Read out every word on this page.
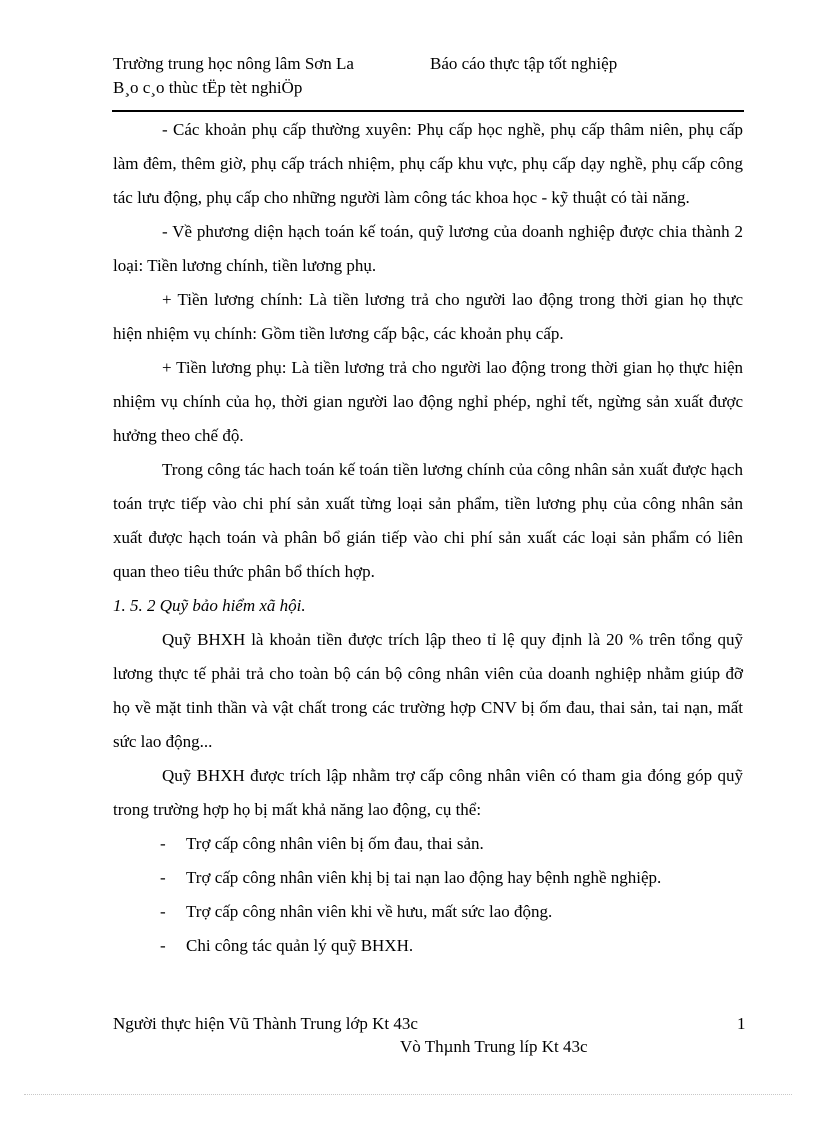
Trường trung học nông lâm Sơn La	Báo cáo thực tập tốt nghiệp
B¸o c¸o thùc tËp tèt nghiÖp

- Các khoản phụ cấp thường xuyên: Phụ cấp học nghề, phụ cấp thâm niên, phụ cấp làm đêm, thêm giờ, phụ cấp trách nhiệm, phụ cấp khu vực, phụ cấp dạy nghề, phụ cấp công tác lưu động, phụ cấp cho những người làm công tác khoa học - kỹ thuật có tài năng.

- Về phương diện hạch toán kế toán, quỹ lương của doanh nghiệp được chia thành 2 loại: Tiền lương chính, tiền lương phụ.

+ Tiền lương chính: Là tiền lương trả cho người lao động trong thời gian họ thực hiện nhiệm vụ chính: Gồm tiền lương cấp bậc, các khoản phụ cấp.

+ Tiền lương phụ: Là tiền lương trả cho người lao động trong thời gian họ thực hiện nhiệm vụ chính của họ, thời gian người lao động nghỉ phép, nghỉ tết, ngừng sản xuất được hưởng theo chế độ.

Trong công tác hach toán kế toán tiền lương chính của công nhân sản xuất được hạch toán trực tiếp vào chi phí sản xuất từng loại sản phẩm, tiền lương phụ của công nhân sản xuất được hạch toán và phân bổ gián tiếp vào chi phí sản xuất các loại sản phẩm có liên quan theo tiêu thức phân bổ thích hợp.

1. 5. 2 Quỹ bảo hiểm xã hội.

Quỹ BHXH là khoản tiền được trích lập theo tỉ lệ quy định là 20 % trên tổng quỹ lương thực tế phải trả cho toàn bộ cán bộ công nhân viên của doanh nghiệp nhằm giúp đỡ họ về mặt tinh thần và vật chất trong các trường hợp CNV bị ốm đau, thai sản, tai nạn, mất sức lao động...

Quỹ BHXH được trích lập nhằm trợ cấp công nhân viên có tham gia đóng góp quỹ trong trường hợp họ bị mất khả năng lao động, cụ thể:

- Trợ cấp công nhân viên bị ốm đau, thai sản.

- Trợ cấp công nhân viên khị bị tai nạn lao động hay bệnh nghề nghiệp.

- Trợ cấp công nhân viên khi về hưu, mất sức lao động.

- Chi công tác quản lý quỹ BHXH.

Người thực hiện Vũ Thành Trung lớp Kt 43c	1
Vò Thµnh Trung líp Kt 43c
